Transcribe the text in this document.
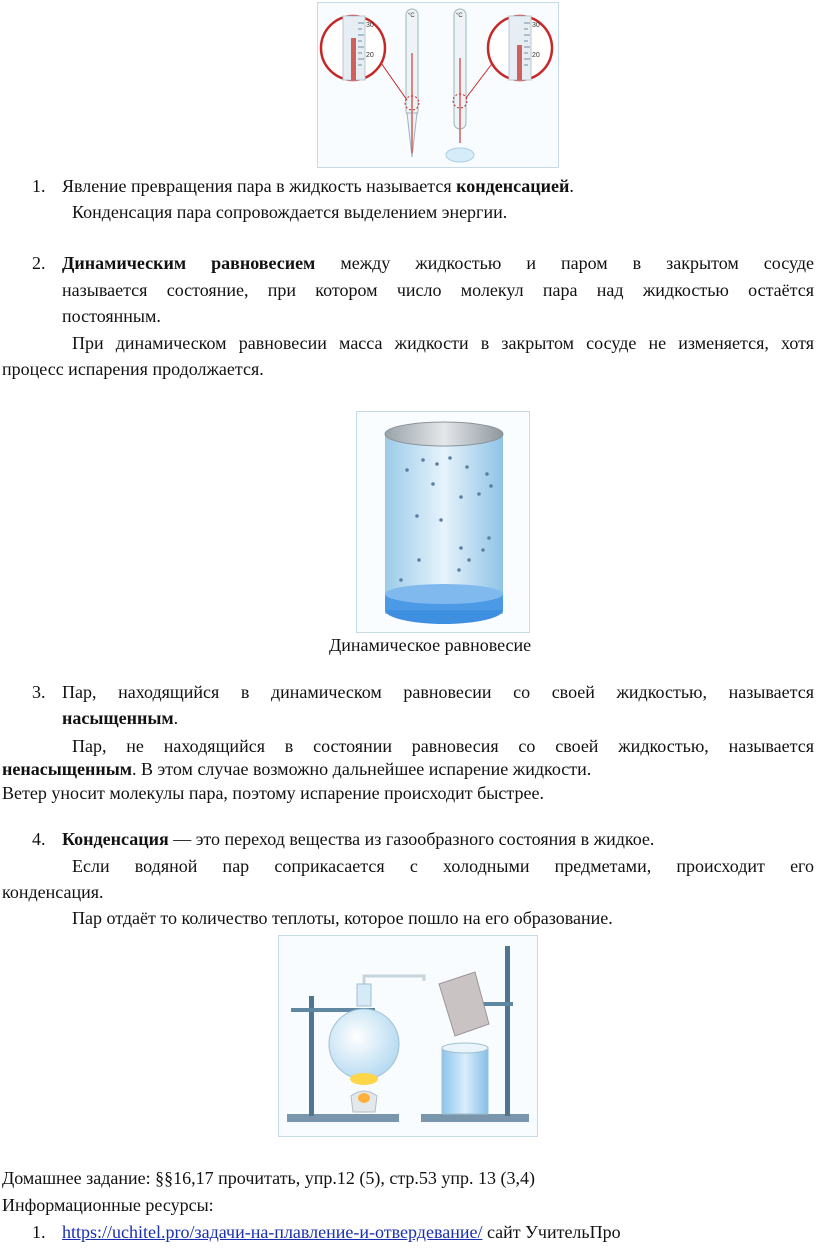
30
20
°C	°C
30
20
1. Явление превращения пара в жидкость называется конденсацией.
Конденсация пара сопровождается выделением энергии.
2. Динамическим равновесием между жидкостью и паром в закрытом сосуде
называется состояние, при котором число молекул пара над жидкостью остаётся
постоянным.
При динамическом равновесии масса жидкости в закрытом сосуде не изменяется, хотя
процесс испарения продолжается.
Динамическое равновесие
3. Пар, находящийся в динамическом равновесии со своей жидкостью, называется
насыщенным.
Пар, не находящийся в состоянии равновесия со своей жидкостью, называется
ненасыщенным. В этом случае возможно дальнейшее испарение жидкости.
Ветер уносит молекулы пара, поэтому испарение происходит быстрее.
4. Конденсация — это переход вещества из газообразного состояния в жидкое.
Если водяной пар соприкасается с холодными предметами, происходит его
конденсация.
Пар отдаёт то количество теплоты, которое пошло на его образование.
Домашнее задание: §§16,17 прочитать, упр.12 (5), стр.53 упр. 13 (3,4)
Информационные ресурсы:
1. https://uchitel.pro/задачи-на-плавление-и-отвердевание/ сайт УчительПро
